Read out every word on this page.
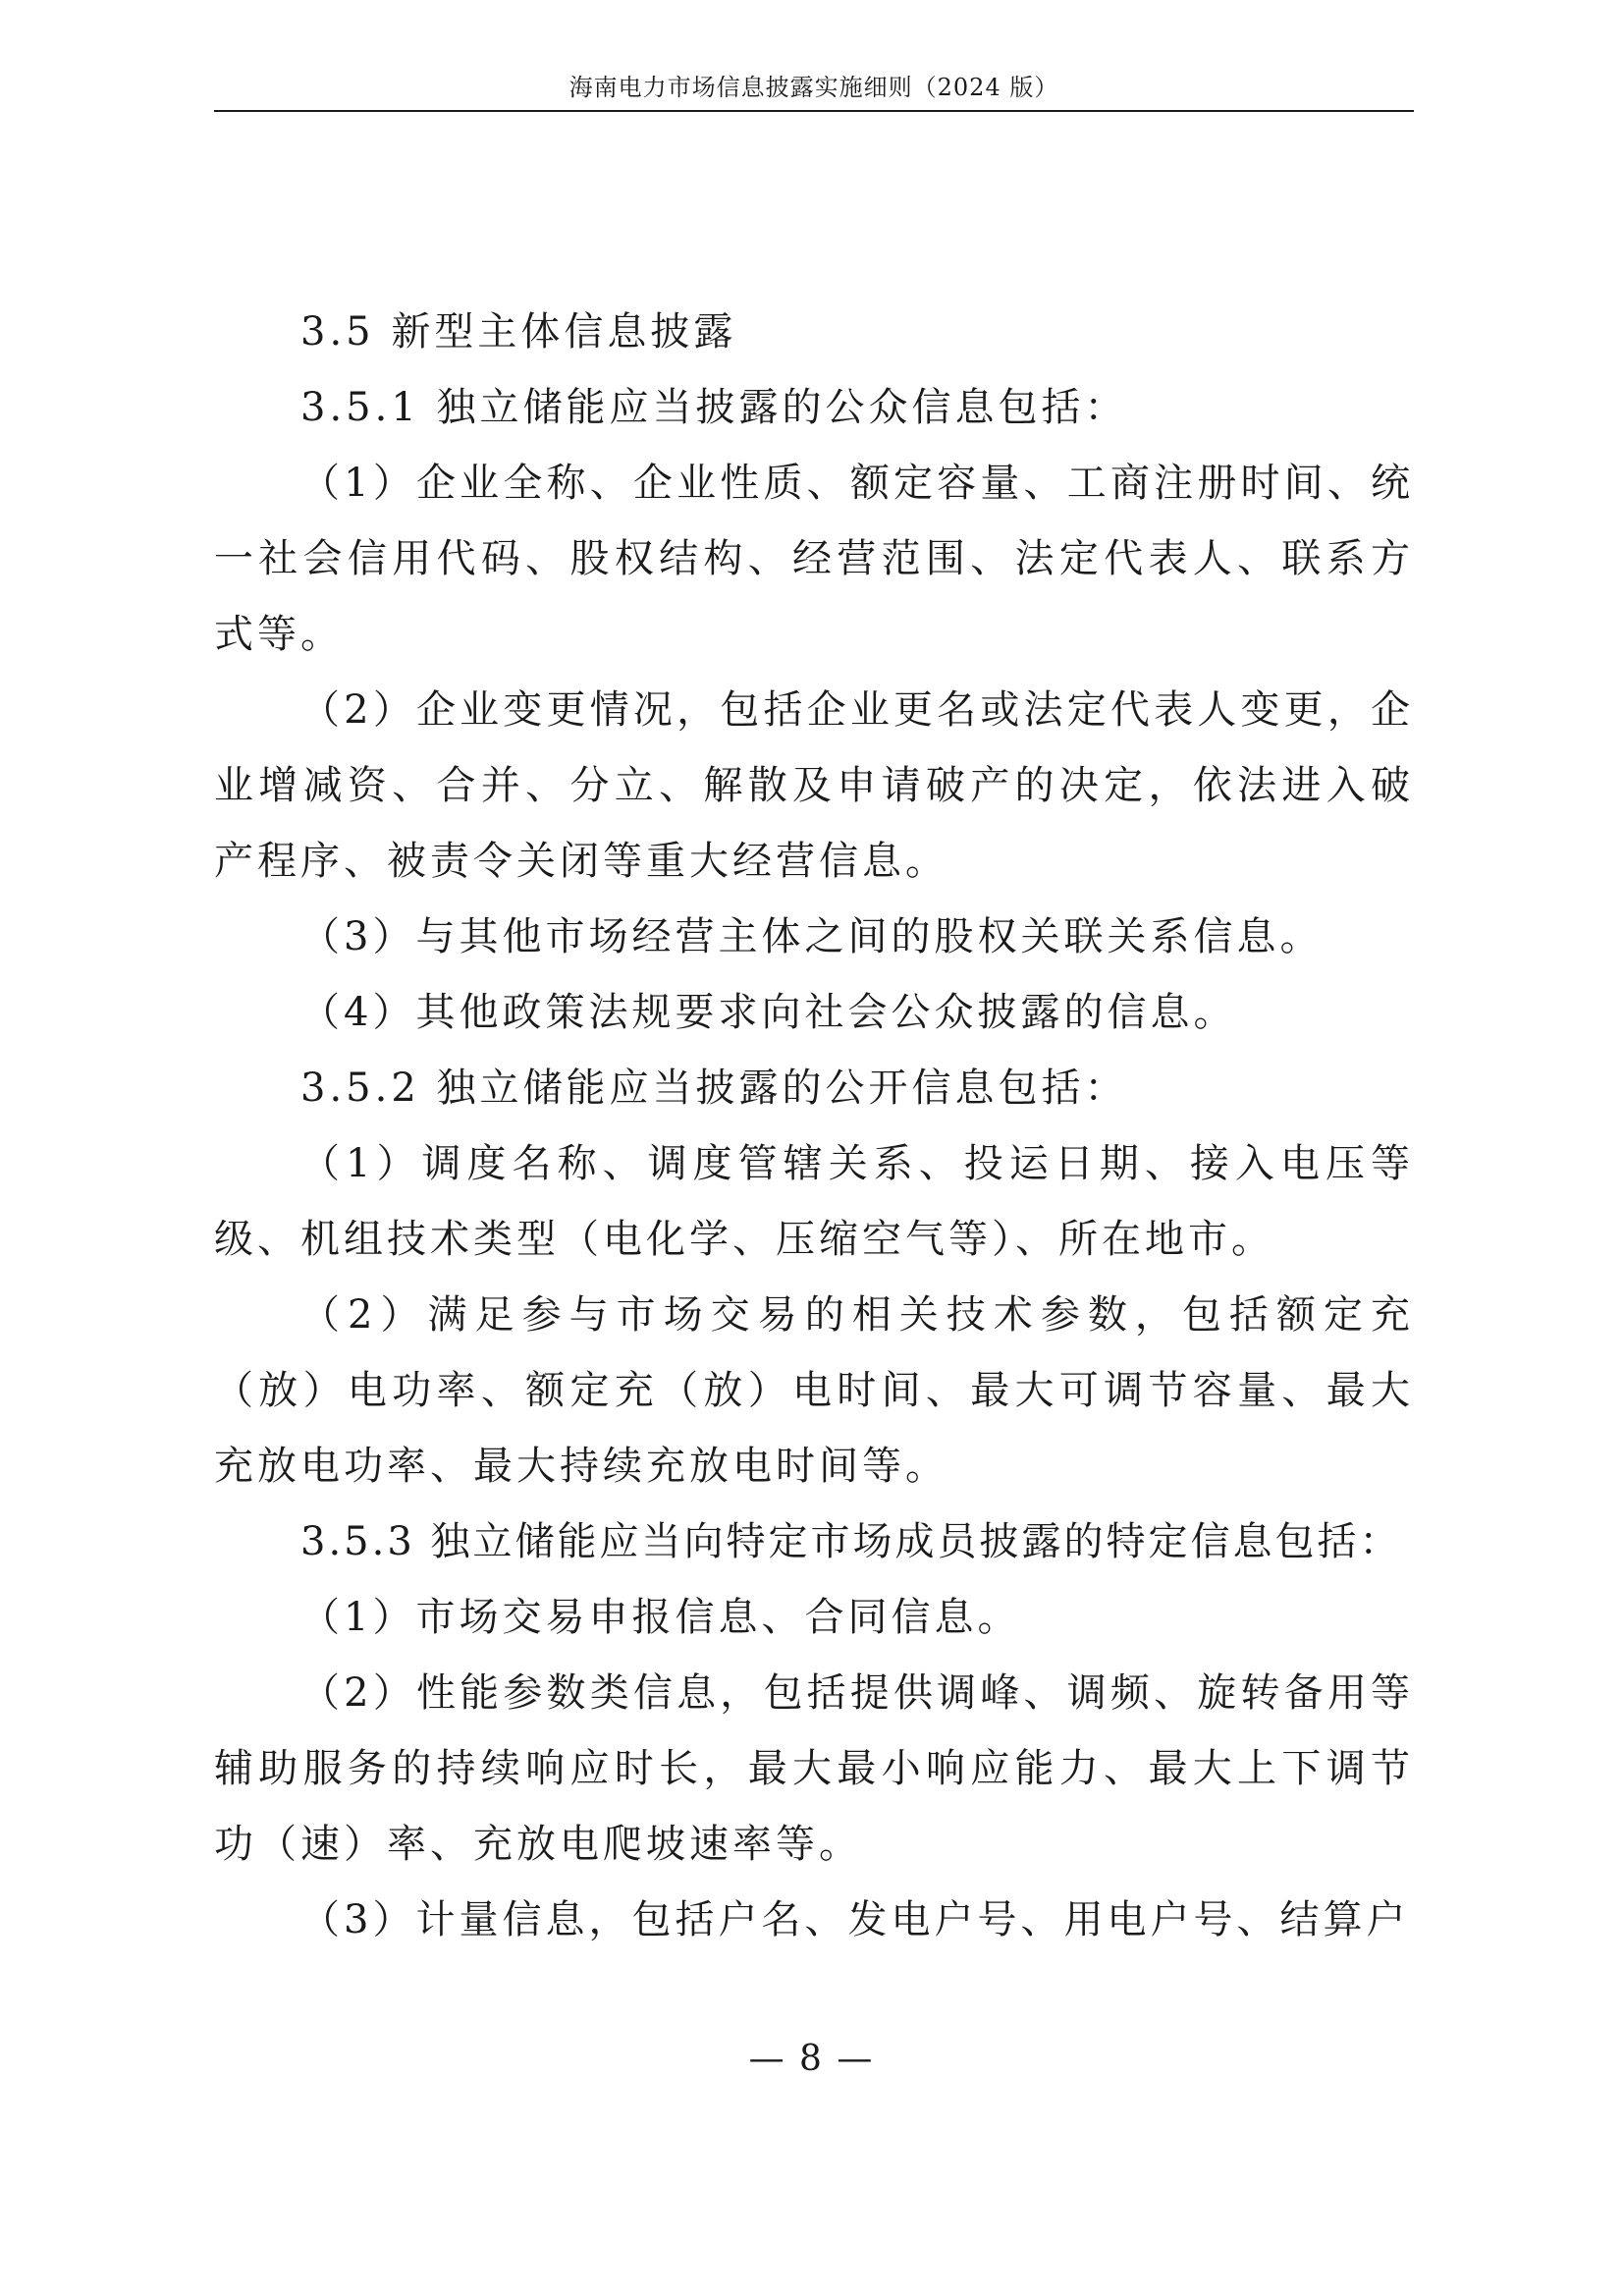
海南电力市场信息披露实施细则（2024 版）

3.5 新型主体信息披露

3.5.1 独立储能应当披露的公众信息包括：

（1）企业全称、企业性质、额定容量、工商注册时间、统一社会信用代码、股权结构、经营范围、法定代表人、联系方式等。

（2）企业变更情况，包括企业更名或法定代表人变更，企业增减资、合并、分立、解散及申请破产的决定，依法进入破产程序、被责令关闭等重大经营信息。

（3）与其他市场经营主体之间的股权关联关系信息。

（4）其他政策法规要求向社会公众披露的信息。

3.5.2 独立储能应当披露的公开信息包括：

（1）调度名称、调度管辖关系、投运日期、接入电压等级、机组技术类型（电化学、压缩空气等）、所在地市。

（2）满足参与市场交易的相关技术参数，包括额定充（放）电功率、额定充（放）电时间、最大可调节容量、最大充放电功率、最大持续充放电时间等。

3.5.3 独立储能应当向特定市场成员披露的特定信息包括：

（1）市场交易申报信息、合同信息。

（2）性能参数类信息，包括提供调峰、调频、旋转备用等辅助服务的持续响应时长，最大最小响应能力、最大上下调节功（速）率、充放电爬坡速率等。

（3）计量信息，包括户名、发电户号、用电户号、结算户

— 8 —
